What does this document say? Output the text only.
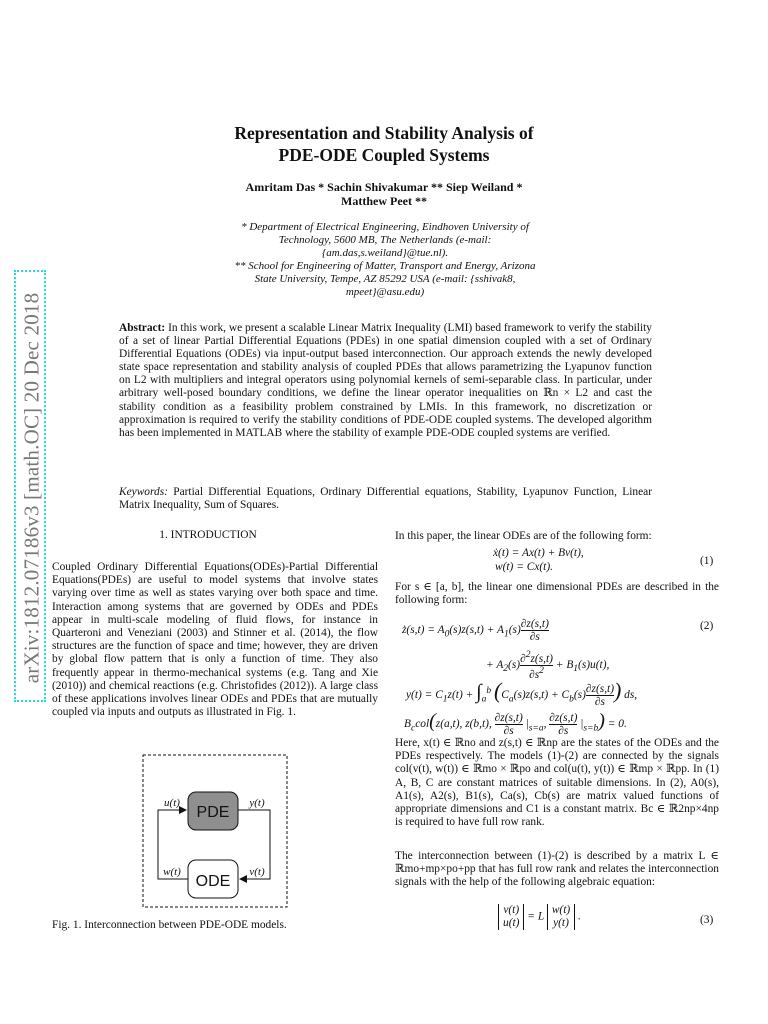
arXiv:1812.07186v3 [math.OC] 20 Dec 2018
Representation and Stability Analysis of
PDE-ODE Coupled Systems
Amritam Das * Sachin Shivakumar ** Siep Weiland *
Matthew Peet **
* Department of Electrical Engineering, Eindhoven University of
Technology, 5600 MB, The Netherlands (e-mail:
{am.das,s.weiland}@tue.nl).
** School for Engineering of Matter, Transport and Energy, Arizona
State University, Tempe, AZ 85292 USA (e-mail: {sshivak8,
mpeet}@asu.edu)
Abstract: In this work, we present a scalable Linear Matrix Inequality (LMI) based framework to verify the stability of a set of linear Partial Differential Equations (PDEs) in one spatial dimension coupled with a set of Ordinary Differential Equations (ODEs) via input-output based interconnection. Our approach extends the newly developed state space representation and stability analysis of coupled PDEs that allows parametrizing the Lyapunov function on L2 with multipliers and integral operators using polynomial kernels of semi-separable class. In particular, under arbitrary well-posed boundary conditions, we define the linear operator inequalities on ℝn × L2 and cast the stability condition as a feasibility problem constrained by LMIs. In this framework, no discretization or approximation is required to verify the stability conditions of PDE-ODE coupled systems. The developed algorithm has been implemented in MATLAB where the stability of example PDE-ODE coupled systems are verified.
Keywords: Partial Differential Equations, Ordinary Differential equations, Stability, Lyapunov Function, Linear Matrix Inequality, Sum of Squares.
1. INTRODUCTION
Coupled Ordinary Differential Equations(ODEs)-Partial Differential Equations(PDEs) are useful to model systems that involve states varying over time as well as states varying over both space and time. Interaction among systems that are governed by ODEs and PDEs appear in multi-scale modeling of fluid flows, for instance in Quarteroni and Veneziani (2003) and Stinner et al. (2014), the flow structures are the function of space and time; however, they are driven by global flow pattern that is only a function of time. They also frequently appear in thermo-mechanical systems (e.g. Tang and Xie (2010)) and chemical reactions (e.g. Christofides (2012)). A large class of these applications involves linear ODEs and PDEs that are mutually coupled via inputs and outputs as illustrated in Fig. 1.
PDE
ODE
u(t)	y(t)
w(t)	v(t)
Fig. 1. Interconnection between PDE-ODE models.
In this paper, the linear ODEs are of the following form:
ẋ(t) = Ax(t) + Bv(t),
w(t) = Cx(t).	(1)
For s ∈ [a, b], the linear one dimensional PDEs are described in the following form:
ż(s,t) = $A_0(s)z(s,t) + A_1(s) \frac{\partial z(s,t)}{\partial s}$
+ $A_2(s) \frac{\partial^2z(s,t)}{\partial s^2} + B_1(s)u(t)$,
$y(t) = C_1z(t) + \int_a^b$ ($C_a(s)z(s,t) + C_b(s) \frac{\partial z(s,t)}{\partial s}$ ) ds,
$B_ccol(z(a,t)$, z(b,t), $\frac{\partial z(s,t)}{\partial s} |_{s=a}$, $\frac{\partial z(s,t)}{\partial s} |_{s=b}) = 0$.
(2)
Here, x(t) ∈ ℝno and z(s,t) ∈ ℝnp are the states of the ODEs and the PDEs respectively. The models (1)-(2) are connected by the signals col(v(t), w(t)) ∈ ℝmo × ℝpo and col(u(t), y(t)) ∈ ℝmp × ℝpp. In (1) A, B, C are constant matrices of suitable dimensions. In (2), A0(s), A1(s), A2(s), B1(s), Ca(s), Cb(s) are matrix valued functions of appropriate dimensions and C1 is a constant matrix. Bc ∈ ℝ2np×4np is required to have full row rank.
The interconnection between (1)-(2) is described by a matrix L ∈ ℝmo+mp×po+pp that has full row rank and relates the interconnection signals with the help of the following algebraic equation:
v(t)
u(t) = L w(t)
y(t) .	(3)
